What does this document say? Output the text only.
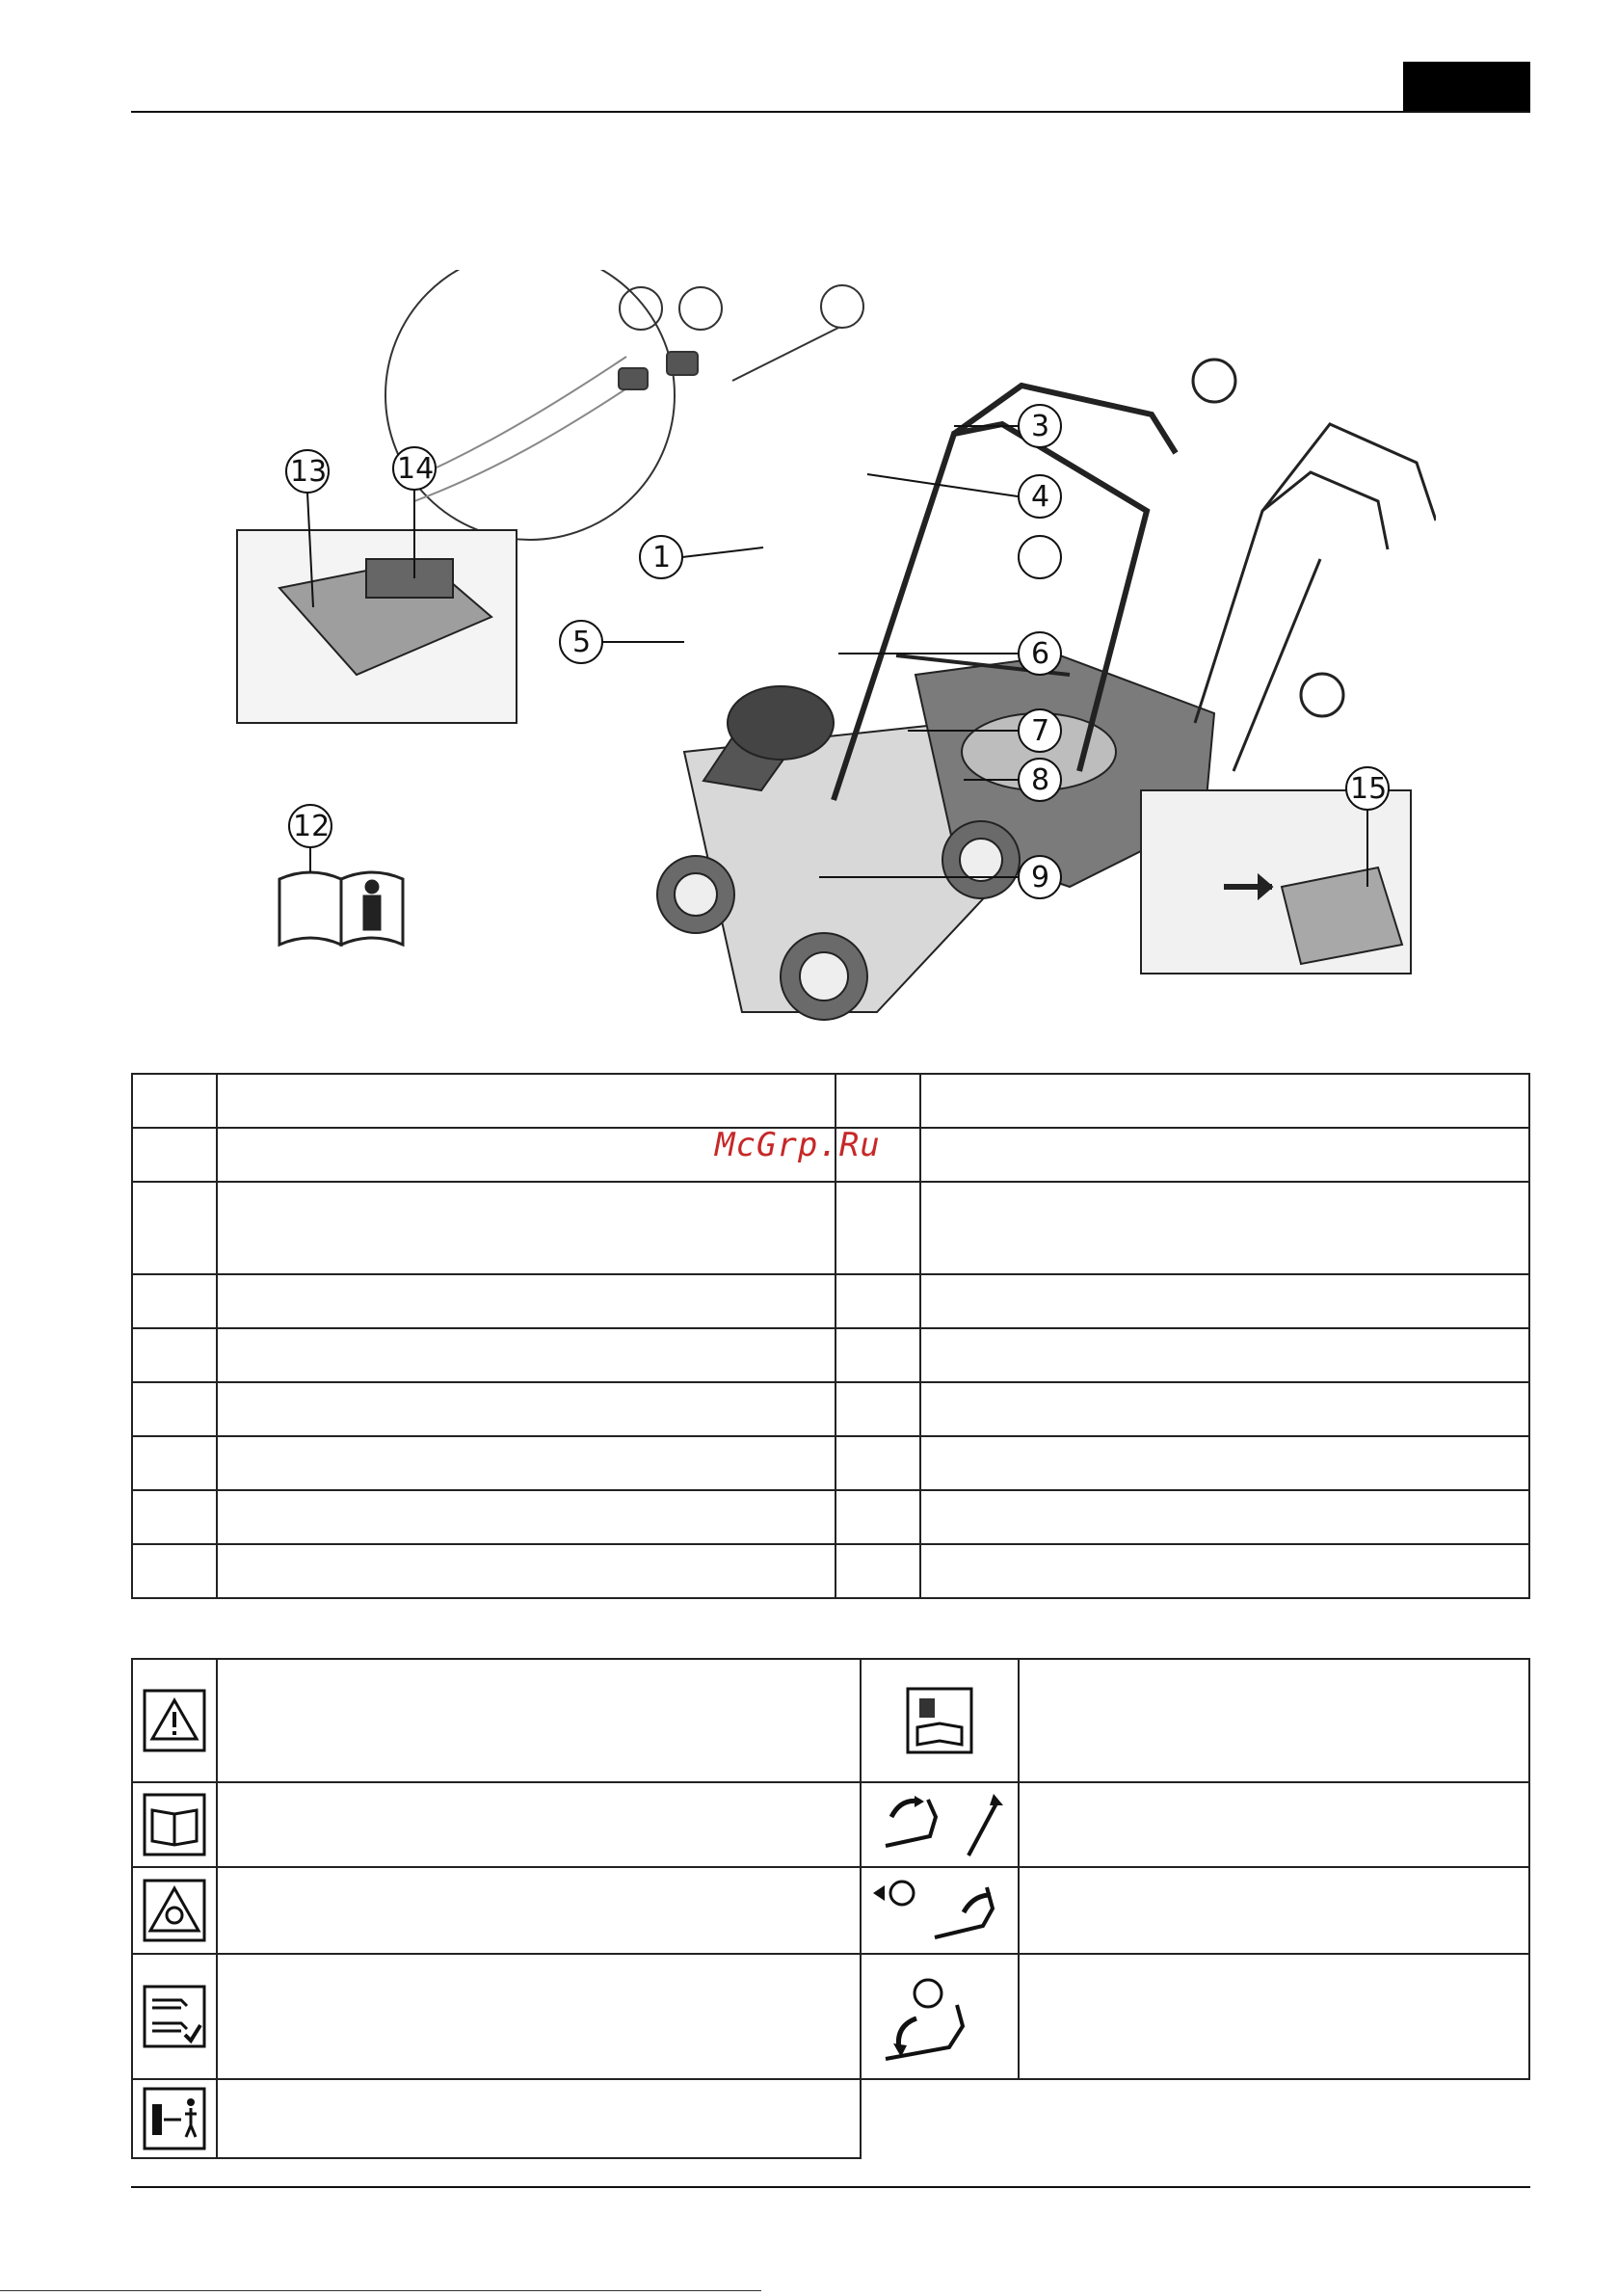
1
3
4
5	6
7
8
9
12
13 14
15
McGrp.Ru
